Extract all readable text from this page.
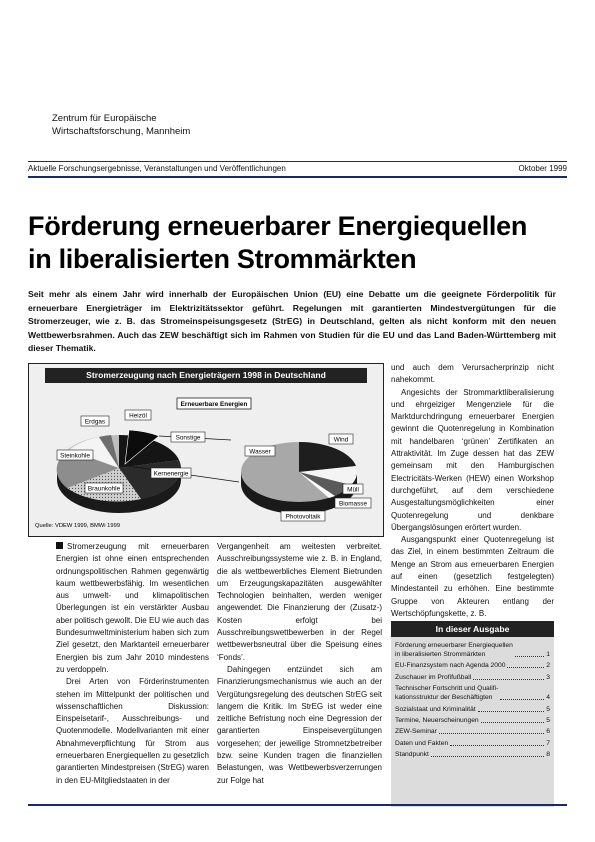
Zentrum für Europäische
Wirtschaftsforschung, Mannheim
Aktuelle Forschungsergebnisse, Veranstaltungen und Veröffentlichungen	Oktober 1999
Förderung erneuerbarer Energiequellen
in liberalisierten Strommärkten
Seit mehr als einem Jahr wird innerhalb der Europäischen Union (EU) eine Debatte um die geeignete Förderpolitik für erneuerbare Energieträger im Elektrizitätssektor geführt. Regelungen mit garantierten Mindestvergütungen für die Stromerzeuger, wie z. B. das Stromeinspeisungsgesetz (StrEG) in Deutschland, gelten als nicht konform mit den neuen Wettbewerbsrahmen. Auch das ZEW beschäftigt sich im Rahmen von Studien für die EU und das Land Baden-Württemberg mit dieser Thematik.
Stromerzeugung nach Energieträgern 1998 in Deutschland
Erdgas
Heizöl
Sonstige
Steinkohle
Braunkohle
Kernenergie
Erneuerbare Energien
Wasser
Wind
Müll
Biomasse
Photovoltaik
Quelle: VDEW 1999, BMWi 1999
Stromerzeugung mit erneuerbaren Energien ist ohne einen entsprechenden ordnungspolitischen Rahmen gegenwärtig kaum wettbewerbsfähig. Im wesentlichen aus umwelt- und klimapolitischen Überlegungen ist ein verstärkter Ausbau aber politisch gewollt. Die EU wie auch das Bundesumweltministerium haben sich zum Ziel gesetzt, den Marktanteil erneuerbarer Energien bis zum Jahr 2010 mindestens zu verdoppeln.
Drei Arten von Förderinstrumenten stehen im Mittelpunkt der politischen und wissenschaftlichen Diskussion: Einspeisetarif-, Ausschreibungs- und Quotenmodelle. Modellvarianten mit einer Abnahmeverpflichtung für Strom aus erneuerbaren Energiequellen zu gesetzlich garantierten Mindestpreisen (StrEG) waren in den EU-Mitgliedstaaten in der
Vergangenheit am weitesten verbreitet. Ausschreibungssysteme wie z. B. in England, die als wettbewerbliches Element Bietrunden um Erzeugungskapazitäten ausgewählter Technologien beinhalten, werden weniger angewendet. Die Finanzierung der (Zusatz-) Kosten erfolgt bei Ausschreibungswettbewerben in der Regel wettbewerbsneutral über die Speisung eines ‘Fonds’.
Dahingegen entzündet sich am Finanzierungsmechanismus wie auch an der Vergütungsregelung des deutschen StrEG seit langem die Kritik. Im StrEG ist weder eine zeitliche Befristung noch eine Degression der garantierten Einspeisevergütungen vorgesehen; der jeweilige Stromnetzbetreiber bzw. seine Kunden tragen die finanziellen Belastungen, was Wettbewerbsverzerrungen zur Folge hat
und auch dem Verursacherprinzip nicht nahekommt.
Angesichts der Strommarktliberalisierung und ehrgeiziger Mengenziele für die Marktdurchdringung erneuerbarer Energien gewinnt die Quotenregelung in Kombination mit handelbaren ‘grünen’ Zertifikaten an Attraktivität. Im Zuge dessen hat das ZEW gemeinsam mit den Hamburgischen Electricitäts-Werken (HEW) einen Workshop durchgeführt, auf dem verschiedene Ausgestaltungsmöglichkeiten einer Quotenregelung und denkbare Übergangslösungen erörtert wurden.
Ausgangspunkt einer Quotenregelung ist das Ziel, in einem bestimmten Zeitraum die Menge an Strom aus erneuerbaren Energien auf einen (gesetzlich festgelegten) Mindestanteil zu erhöhen. Eine bestimmte Gruppe von Akteuren entlang der Wertschöpfungskette, z. B.
In dieser Ausgabe
Förderung erneuerbarer Energiequellen
in liberalisierten Strommärkten	1
EU-Finanzsystem nach Agenda 2000	2
Zuschauer im Profifußball	3
Technischer Fortschritt und Qualifi-
kationsstruktur der Beschäftigten	4
Sozialstaat und Kriminalität	5
Termine, Neuerscheinungen	5
ZEW-Seminar	6
Daten und Fakten	7
Standpunkt	8
